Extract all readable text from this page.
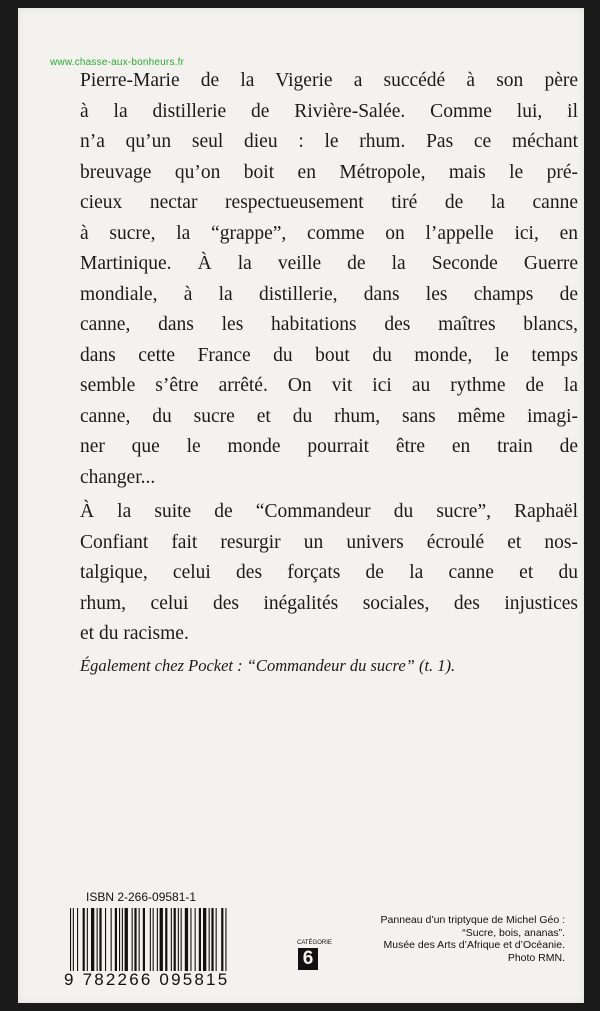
www.chasse-aux-bonheurs.fr
Pierre-Marie de la Vigerie a succédé à son père
à la distillerie de Rivière-Salée. Comme lui, il
n’a qu’un seul dieu : le rhum. Pas ce méchant
breuvage qu’on boit en Métropole, mais le pré-
cieux nectar respectueusement tiré de la canne
à sucre, la “grappe”, comme on l’appelle ici, en
Martinique. À la veille de la Seconde Guerre
mondiale, à la distillerie, dans les champs de
canne, dans les habitations des maîtres blancs,
dans cette France du bout du monde, le temps
semble s’être arrêté. On vit ici au rythme de la
canne, du sucre et du rhum, sans même imagi-
ner que le monde pourrait être en train de
changer...
À la suite de “Commandeur du sucre”, Raphaël
Confiant fait resurgir un univers écroulé et nos-
talgique, celui des forçats de la canne et du
rhum, celui des inégalités sociales, des injustices
et du racisme.
Également chez Pocket : “Commandeur du sucre” (t. 1).
ISBN 2-266-09581-1
9 782266 095815
CATÉGORIE
6
Panneau d’un triptyque de Michel Géo :
“Sucre, bois, ananas”.
Musée des Arts d’Afrique et d’Océanie.
Photo RMN.
